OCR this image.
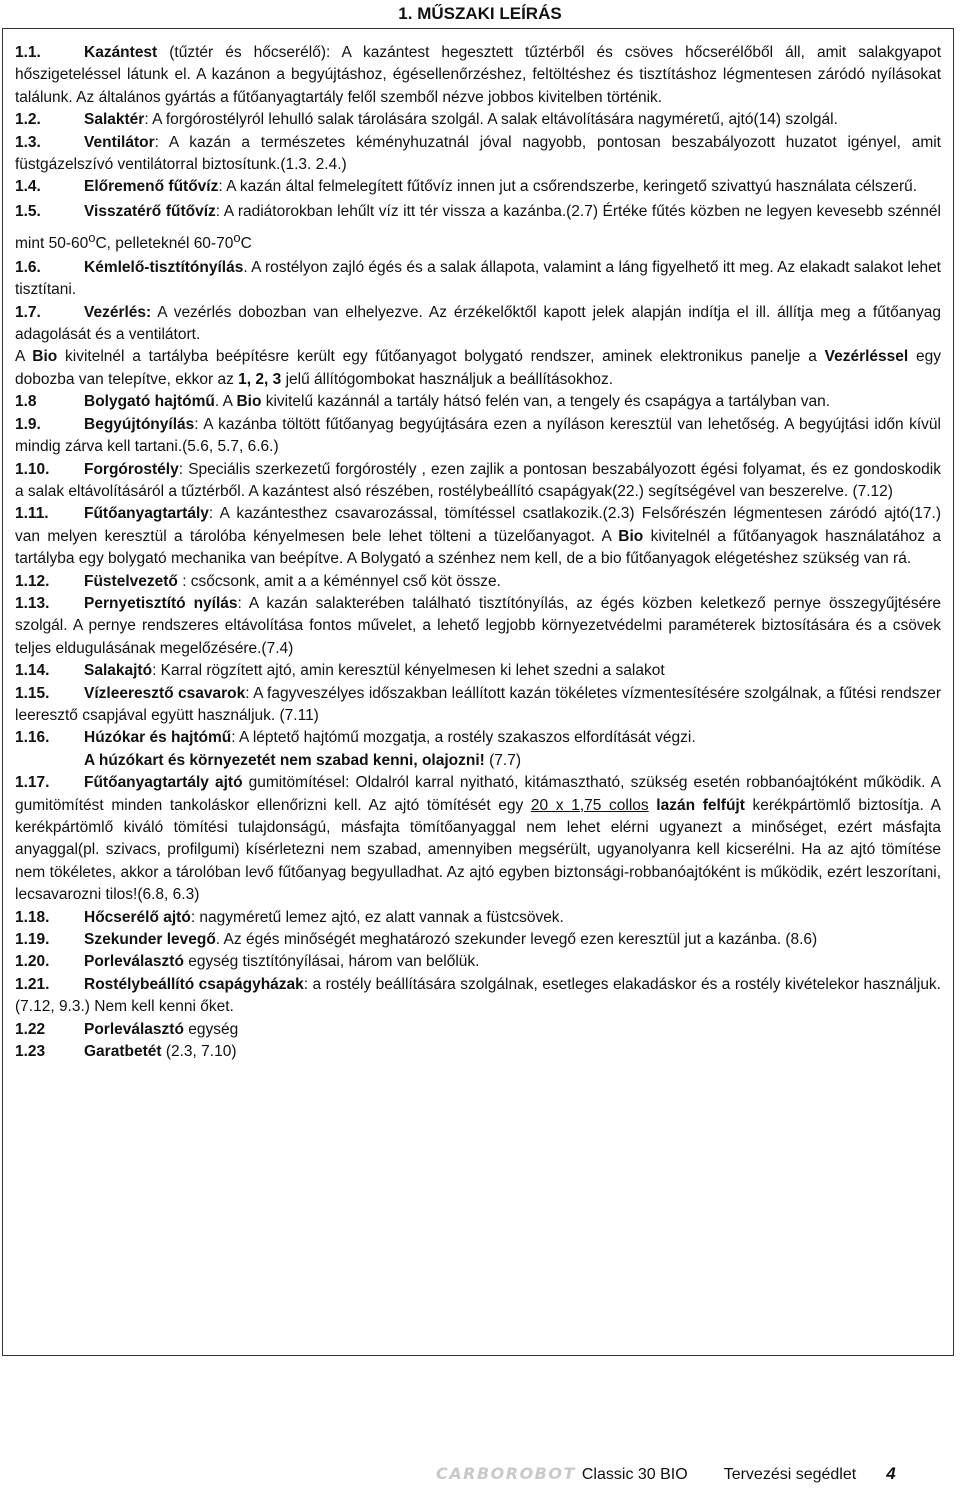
1. MŰSZAKI LEÍRÁS

1.1.	Kazántest (tűztér és hőcserélő): A kazántest hegesztett tűztérből és csöves hőcserélőből áll, amit salakgyapot hőszigeteléssel látunk el. A kazánon a begyújtáshoz, égésellenőrzéshez, feltöltéshez és tisztításhoz légmentesen záródó nyílásokat találunk. Az általános gyártás a fűtőanyagtartály felől szemből nézve jobbos kivitelben történik.

1.2.	Salaktér: A forgórostélyról lehulló salak tárolására szolgál. A salak eltávolítására nagyméretű, ajtó(14) szolgál.

1.3.	Ventilátor: A kazán a természetes kéményhuzatnál jóval nagyobb, pontosan beszabályozott huzatot igényel, amit füstgázelszívó ventilátorral biztosítunk.(1.3. 2.4.)

1.4.	Előremenő fűtővíz: A kazán által felmelegített fűtővíz innen jut a csőrendszerbe, keringető szivattyú használata célszerű.

1.5.	Visszatérő fűtővíz: A radiátorokban lehűlt víz itt tér vissza a kazánba.(2.7) Értéke fűtés közben ne legyen kevesebb szénnél mint 50-60$^o$C, pelleteknél 60-70$^o$C

1.6.	Kémlelő-tisztítónyílás. A rostélyon zajló égés és a salak állapota, valamint a láng figyelhető itt meg. Az elakadt salakot lehet tisztítani.

1.7.	Vezérlés: A vezérlés dobozban van elhelyezve. Az érzékelőktől kapott jelek alapján indítja el ill. állítja meg a fűtőanyag adagolását és a ventilátort.

A Bio kivitelnél a tartályba beépítésre került egy fűtőanyagot bolygató rendszer, aminek elektronikus panelje a Vezérléssel egy dobozba van telepítve, ekkor az 1, 2, 3 jelű állítógombokat használjuk a beállításokhoz.

1.8	Bolygató hajtómű. A Bio kivitelű kazánnál a tartály hátsó felén van, a tengely és csapágya a tartályban van.

1.9.	Begyújtónyílás: A kazánba töltött fűtőanyag begyújtására ezen a nyíláson keresztül van lehetőség. A begyújtási időn kívül mindig zárva kell tartani.(5.6, 5.7, 6.6.)

1.10. Forgórostély: Speciális szerkezetű forgórostély , ezen zajlik a pontosan beszabályozott égési folyamat, és ez gondoskodik a salak eltávolításáról a tűztérből. A kazántest alsó részében, rostélybeállító csapágyak(22.) segítségével van beszerelve. (7.12)

1.11. Fűtőanyagtartály: A kazántesthez csavarozással, tömítéssel csatlakozik.(2.3) Felsőrészén légmentesen záródó ajtó(17.) van melyen keresztül a tárolóba kényelmesen bele lehet tölteni a tüzelőanyagot. A Bio kivitelnél a fűtőanyagok használatához a tartályba egy bolygató mechanika van beépítve. A Bolygató a szénhez nem kell, de a bio fűtőanyagok elégetéshez szükség van rá.

1.12. Füstelvezető : csőcsonk, amit a a kéménnyel cső köt össze.

1.13. Pernyetisztító nyílás: A kazán salakterében található tisztítónyílás, az égés közben keletkező pernye összegyűjtésére szolgál. A pernye rendszeres eltávolítása fontos művelet, a lehető legjobb környezetvédelmi paraméterek biztosítására és a csövek teljes eldugulásának megelőzésére.(7.4)

1.14. Salakajtó: Karral rögzített ajtó, amin keresztül kényelmesen ki lehet szedni a salakot

1.15. Vízleeresztő csavarok: A fagyveszélyes időszakban leállított kazán tökéletes vízmentesítésére szolgálnak, a fűtési rendszer leeresztő csapjával együtt használjuk. (7.11)

1.16. Húzókar és hajtómű: A léptető hajtómű mozgatja, a rostély szakaszos elfordítását végzi.

A húzókart és környezetét nem szabad kenni, olajozni! (7.7)

1.17. Fűtőanyagtartály ajtó gumitömítésel: Oldalról karral nyitható, kitámasztható, szükség esetén robbanóajtóként működik. A gumitömítést minden tankoláskor ellenőrizni kell. Az ajtó tömítését egy 20 x 1,75 collos lazán felfújt kerékpártömlő biztosítja. A kerékpártömlő kiváló tömítési tulajdonságú, másfajta tömítőanyaggal nem lehet elérni ugyanezt a minőséget, ezért másfajta anyaggal(pl. szivacs, profilgumi) kísérletezni nem szabad, amennyiben megsérült, ugyanolyanra kell kicserélni. Ha az ajtó tömítése nem tökéletes, akkor a tárolóban levő fűtőanyag begyulladhat. Az ajtó egyben biztonsági-robbanóajtóként is működik, ezért leszorítani, lecsavarozni tilos!(6.8, 6.3)

1.18. Hőcserélő ajtó: nagyméretű lemez ajtó, ez alatt vannak a füstcsövek.

1.19. Szekunder levegő. Az égés minőségét meghatározó szekunder levegő ezen keresztül jut a kazánba. (8.6)

1.20. Porleválasztó egység tisztítónyílásai, három van belőlük.

1.21. Rostélybeállító csapágyházak: a rostély beállítására szolgálnak, esetleges elakadáskor és a rostély kivételekor használjuk.(7.12, 9.3.) Nem kell kenni őket.

1.22	Porleválasztó egység

1.23	Garatbetét (2.3, 7.10)

CARBOROBOT Classic 30 BIO Tervezési segédlet 4
